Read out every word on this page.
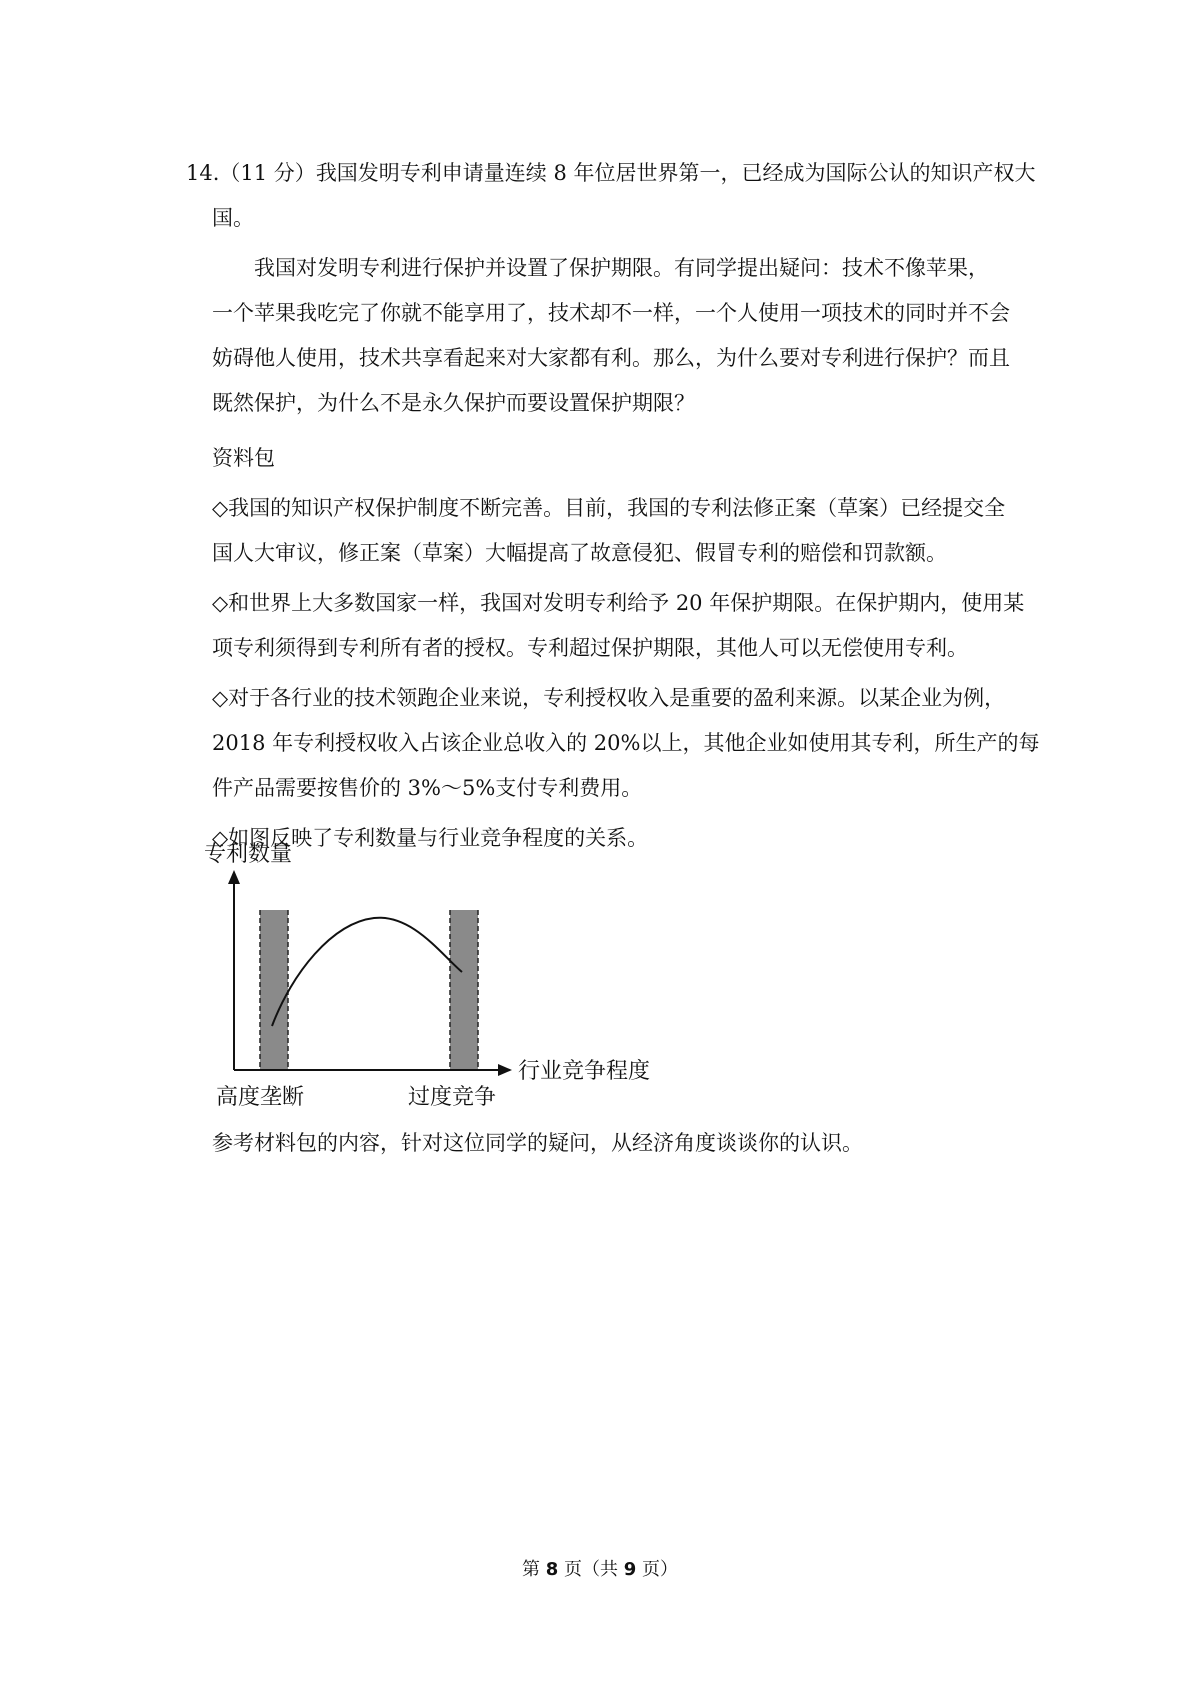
14.（11 分）我国发明专利申请量连续 8 年位居世界第一，已经成为国际公认的知识产权大
国。
我国对发明专利进行保护并设置了保护期限。有同学提出疑问：技术不像苹果，
一个苹果我吃完了你就不能享用了，技术却不一样，一个人使用一项技术的同时并不会
妨碍他人使用，技术共享看起来对大家都有利。那么，为什么要对专利进行保护？而且
既然保护，为什么不是永久保护而要设置保护期限？
资料包
◇我国的知识产权保护制度不断完善。目前，我国的专利法修正案（草案）已经提交全
国人大审议，修正案（草案）大幅提高了故意侵犯、假冒专利的赔偿和罚款额。
◇和世界上大多数国家一样，我国对发明专利给予 20 年保护期限。在保护期内，使用某
项专利须得到专利所有者的授权。专利超过保护期限，其他人可以无偿使用专利。
◇对于各行业的技术领跑企业来说，专利授权收入是重要的盈利来源。以某企业为例，
2018 年专利授权收入占该企业总收入的 20%以上，其他企业如使用其专利，所生产的每
件产品需要按售价的 3%～5%支付专利费用。
◇如图反映了专利数量与行业竞争程度的关系。
行业竞争程度
高度垄断	过度竞争
专利数量
参考材料包的内容，针对这位同学的疑问，从经济角度谈谈你的认识。
第 8 页（共 9 页）
